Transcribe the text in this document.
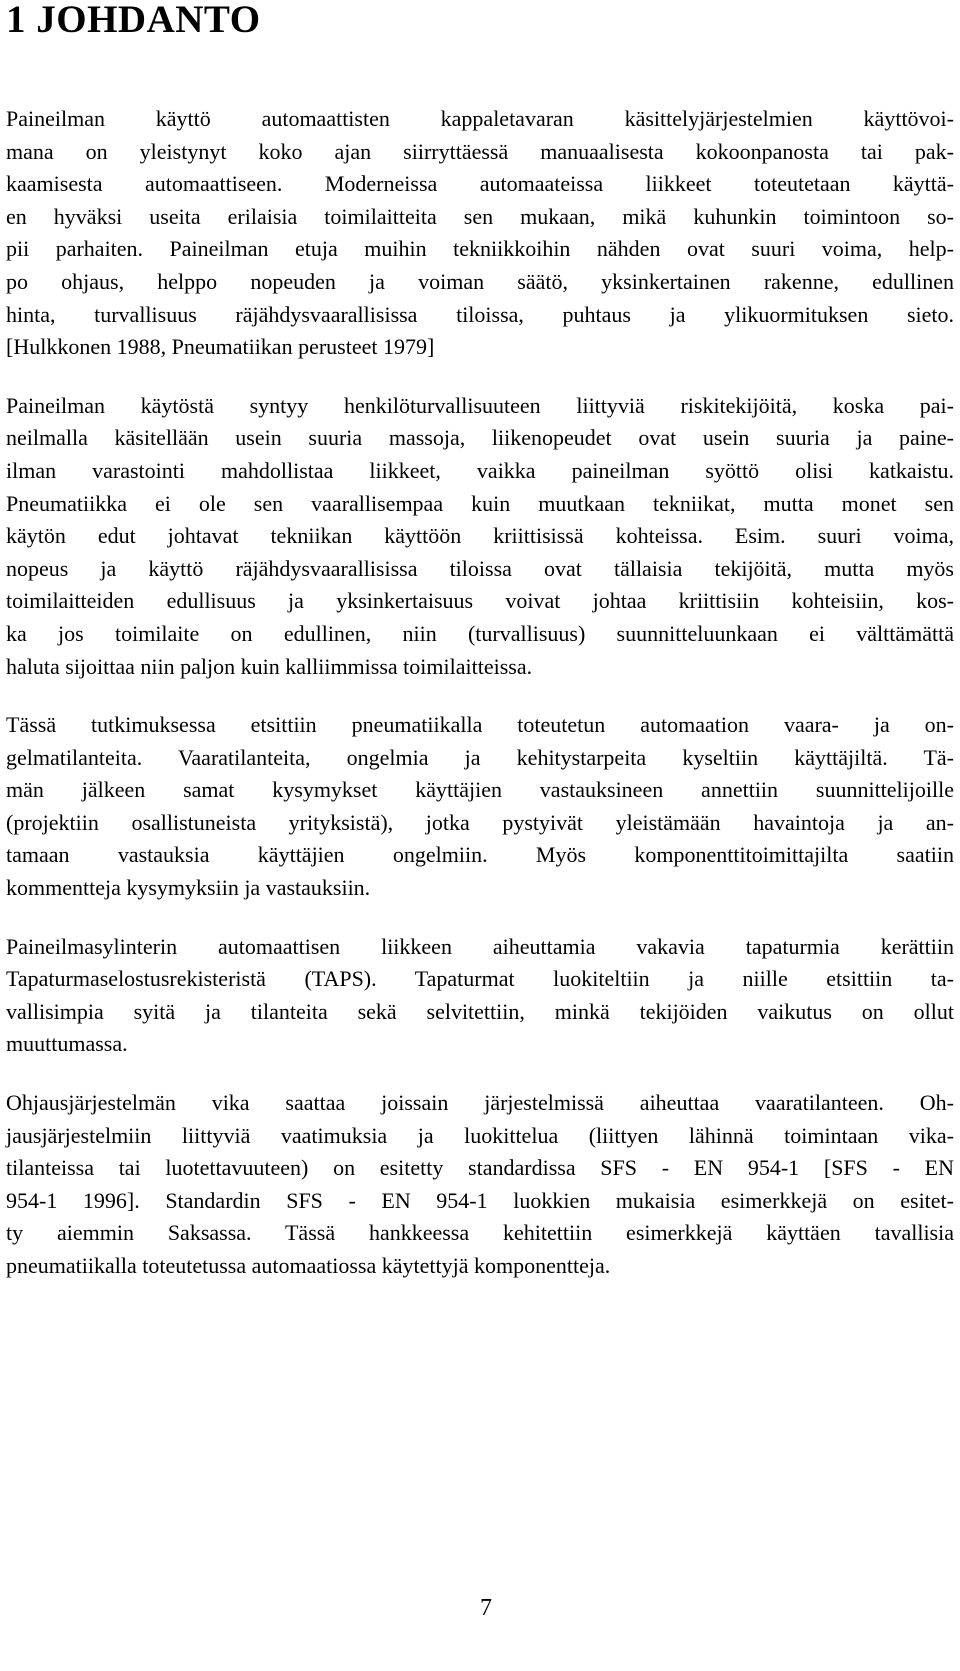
1 JOHDANTO

Paineilman käyttö automaattisten kappaletavaran käsittelyjärjestelmien käyttövoi-
mana on yleistynyt koko ajan siirryttäessä manuaalisesta kokoonpanosta tai pak-
kaamisesta automaattiseen. Moderneissa automaateissa liikkeet toteutetaan käyttä-
en hyväksi useita erilaisia toimilaitteita sen mukaan, mikä kuhunkin toimintoon so-
pii parhaiten. Paineilman etuja muihin tekniikkoihin nähden ovat suuri voima, help-
po ohjaus, helppo nopeuden ja voiman säätö, yksinkertainen rakenne, edullinen
hinta, turvallisuus räjähdysvaarallisissa tiloissa, puhtaus ja ylikuormituksen sieto.
[Hulkkonen 1988, Pneumatiikan perusteet 1979]

Paineilman käytöstä syntyy henkilöturvallisuuteen liittyviä riskitekijöitä, koska pai-
neilmalla käsitellään usein suuria massoja, liikenopeudet ovat usein suuria ja paine-
ilman varastointi mahdollistaa liikkeet, vaikka paineilman syöttö olisi katkaistu.
Pneumatiikka ei ole sen vaarallisempaa kuin muutkaan tekniikat, mutta monet sen
käytön edut johtavat tekniikan käyttöön kriittisissä kohteissa. Esim. suuri voima,
nopeus ja käyttö räjähdysvaarallisissa tiloissa ovat tällaisia tekijöitä, mutta myös
toimilaitteiden edullisuus ja yksinkertaisuus voivat johtaa kriittisiin kohteisiin, kos-
ka jos toimilaite on edullinen, niin (turvallisuus) suunnitteluunkaan ei välttämättä
haluta sijoittaa niin paljon kuin kalliimmissa toimilaitteissa.

Tässä tutkimuksessa etsittiin pneumatiikalla toteutetun automaation vaara- ja on-
gelmatilanteita. Vaaratilanteita, ongelmia ja kehitystarpeita kyseltiin käyttäjiltä. Tä-
män jälkeen samat kysymykset käyttäjien vastauksineen annettiin suunnittelijoille
(projektiin osallistuneista yrityksistä), jotka pystyivät yleistämään havaintoja ja an-
tamaan vastauksia käyttäjien ongelmiin. Myös komponenttitoimittajilta saatiin
kommentteja kysymyksiin ja vastauksiin.

Paineilmasylinterin automaattisen liikkeen aiheuttamia vakavia tapaturmia kerättiin
Tapaturmaselostusrekisteristä (TAPS). Tapaturmat luokiteltiin ja niille etsittiin ta-
vallisimpia syitä ja tilanteita sekä selvitettiin, minkä tekijöiden vaikutus on ollut
muuttumassa.

Ohjausjärjestelmän vika saattaa joissain järjestelmissä aiheuttaa vaaratilanteen. Oh-
jausjärjestelmiin liittyviä vaatimuksia ja luokittelua (liittyen lähinnä toimintaan vika-
tilanteissa tai luotettavuuteen) on esitetty standardissa SFS - EN 954-1 [SFS - EN
954-1 1996]. Standardin SFS - EN 954-1 luokkien mukaisia esimerkkejä on esitet-
ty aiemmin Saksassa. Tässä hankkeessa kehitettiin esimerkkejä käyttäen tavallisia
pneumatiikalla toteutetussa automaatiossa käytettyjä komponentteja.

7
